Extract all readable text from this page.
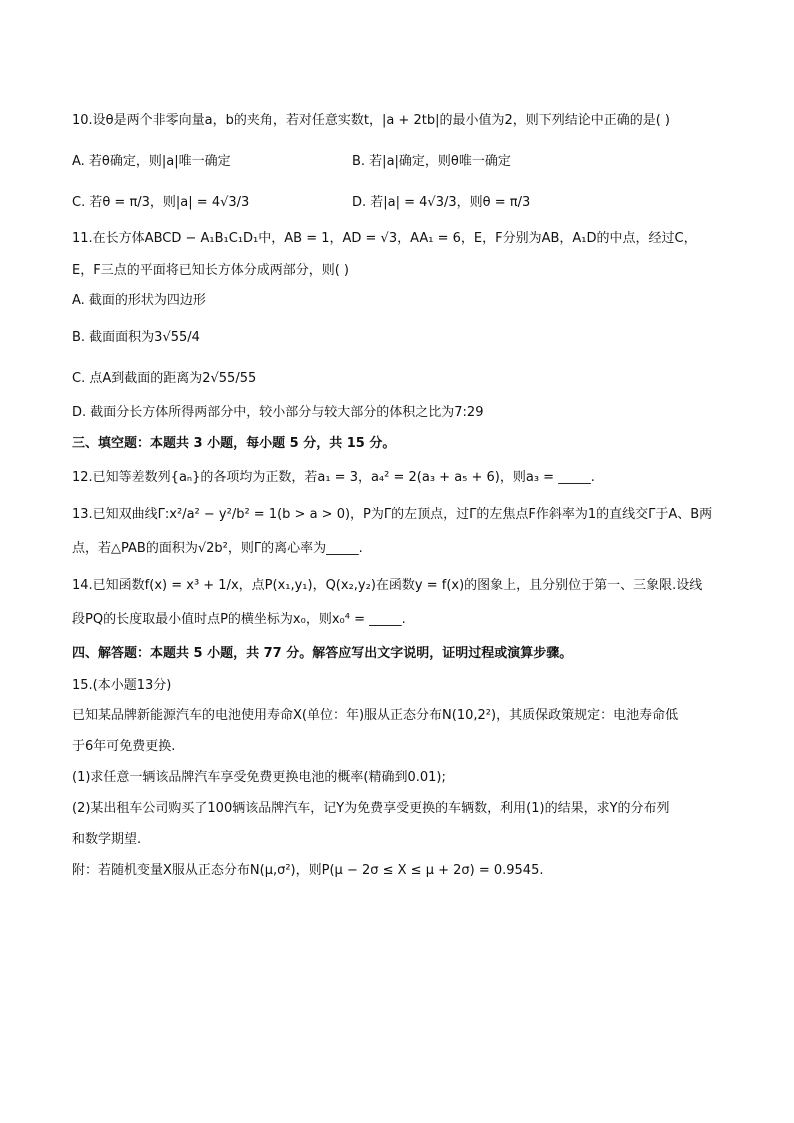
10.设θ是两个非零向量a，b的夹角，若对任意实数t，|a + 2tb|的最小值为2，则下列结论中正确的是( )
A. 若θ确定，则|a|唯一确定	B. 若|a|确定，则θ唯一确定
C. 若θ = π/3，则|a| = 4√3/3	D. 若|a| = 4√3/3，则θ = π/3
11.在长方体ABCD − A₁B₁C₁D₁中，AB = 1，AD = √3，AA₁ = 6，E，F分别为AB，A₁D的中点，经过C，
E，F三点的平面将已知长方体分成两部分，则( )
A. 截面的形状为四边形
B. 截面面积为3√55/4
C. 点A到截面的距离为2√55/55
D. 截面分长方体所得两部分中，较小部分与较大部分的体积之比为7:29
三、填空题：本题共 3 小题，每小题 5 分，共 15 分。
12.已知等差数列{aₙ}的各项均为正数，若a₁ = 3，a₄² = 2(a₃ + a₅ + 6)，则a₃ = _____.
13.已知双曲线Γ:x²/a² − y²/b² = 1(b > a > 0)，P为Γ的左顶点，过Γ的左焦点F作斜率为1的直线交Γ于A、B两
点，若△PAB的面积为√2b²，则Γ的离心率为_____.
14.已知函数f(x) = x³ + 1/x，点P(x₁,y₁)，Q(x₂,y₂)在函数y = f(x)的图象上，且分别位于第一、三象限.设线
段PQ的长度取最小值时点P的横坐标为x₀，则x₀⁴ = _____.
四、解答题：本题共 5 小题，共 77 分。解答应写出文字说明，证明过程或演算步骤。
15.(本小题13分)
已知某品牌新能源汽车的电池使用寿命X(单位：年)服从正态分布N(10,2²)，其质保政策规定：电池寿命低
于6年可免费更换.
(1)求任意一辆该品牌汽车享受免费更换电池的概率(精确到0.01);
(2)某出租车公司购买了100辆该品牌汽车，记Y为免费享受更换的车辆数，利用(1)的结果，求Y的分布列
和数学期望.
附：若随机变量X服从正态分布N(μ,σ²)，则P(μ − 2σ ≤ X ≤ μ + 2σ) = 0.9545.
